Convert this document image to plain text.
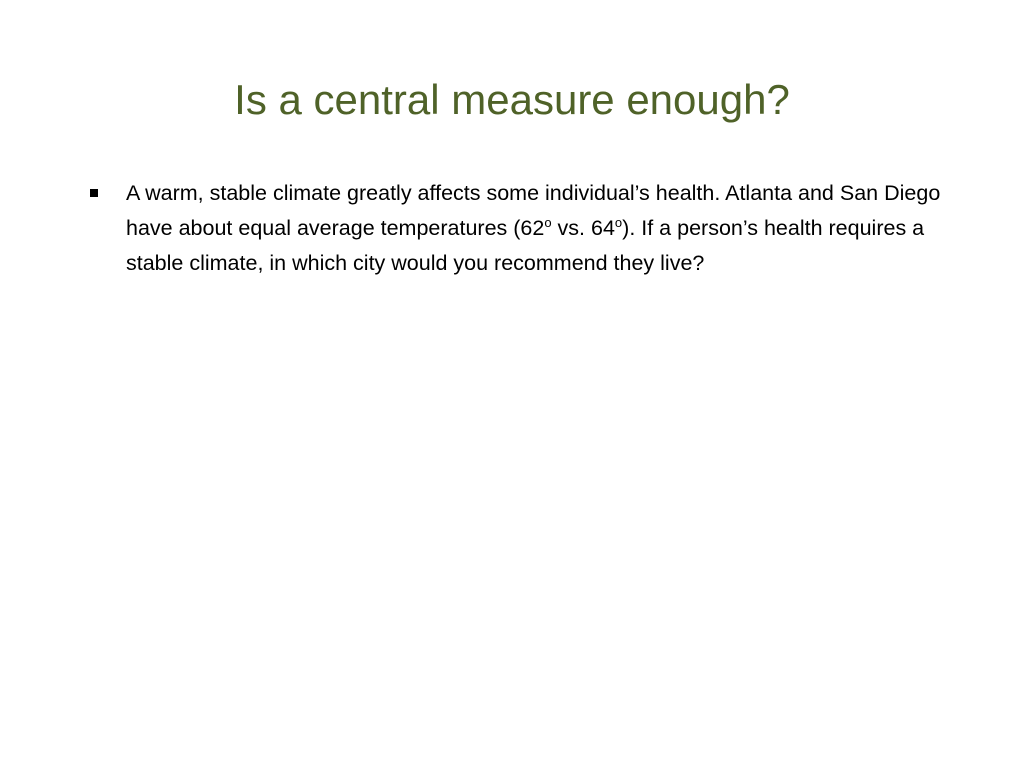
Is a central measure enough?
A warm, stable climate greatly affects some individual’s health. Atlanta and San Diego have about equal average temperatures (62$^o$ vs. 64$^o$). If a person’s health requires a stable climate, in which city would you recommend they live?
